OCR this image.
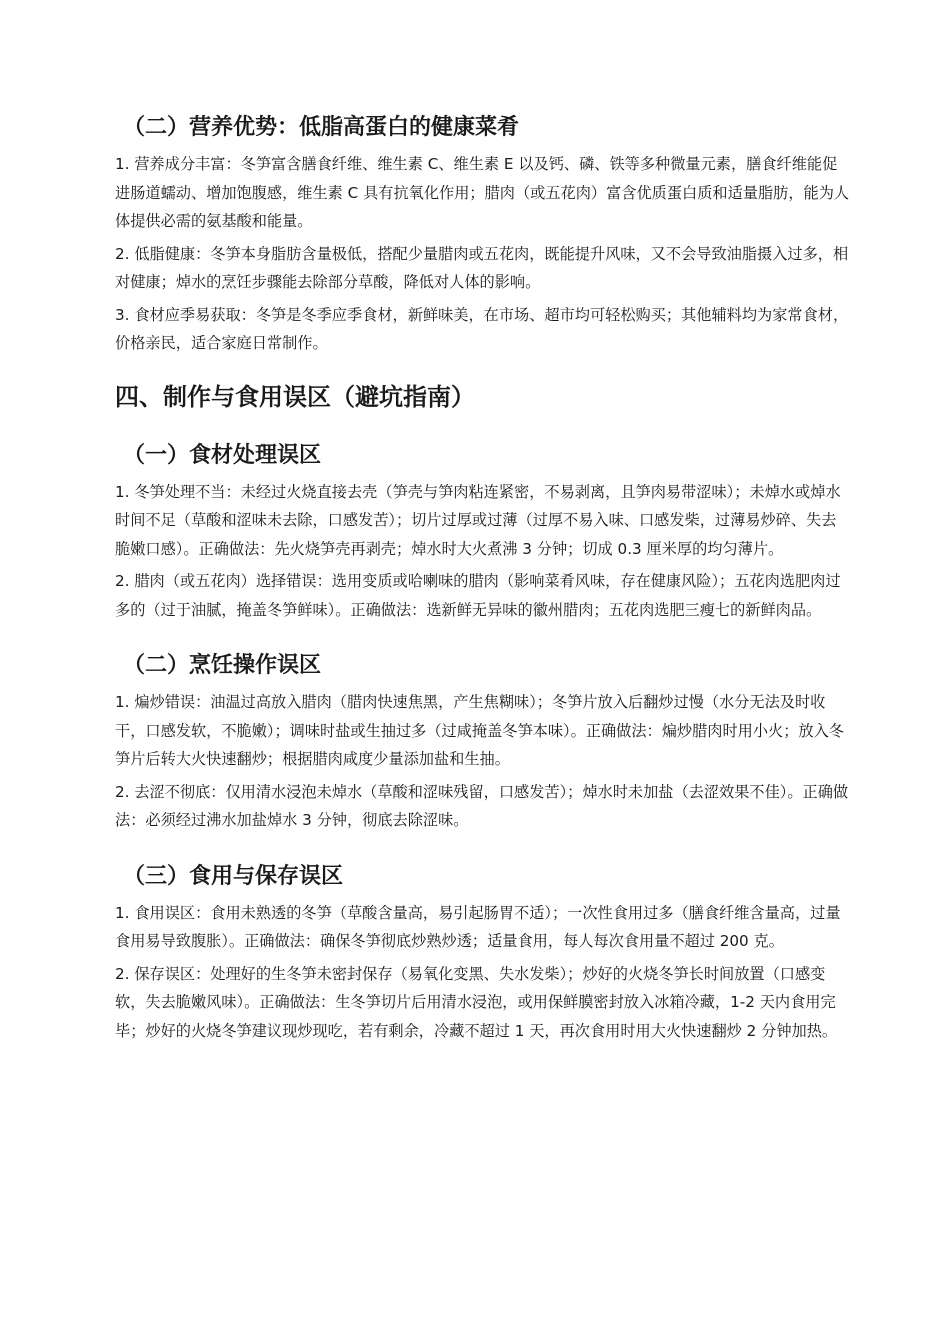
（二）营养优势：低脂高蛋白的健康菜肴

1. 营养成分丰富：冬笋富含膳食纤维、维生素 C、维生素 E 以及钙、磷、铁等多种微量元素，膳食纤维能促进肠道蠕动、增加饱腹感，维生素 C 具有抗氧化作用；腊肉（或五花肉）富含优质蛋白质和适量脂肪，能为人体提供必需的氨基酸和能量。

2. 低脂健康：冬笋本身脂肪含量极低，搭配少量腊肉或五花肉，既能提升风味，又不会导致油脂摄入过多，相对健康；焯水的烹饪步骤能去除部分草酸，降低对人体的影响。

3. 食材应季易获取：冬笋是冬季应季食材，新鲜味美，在市场、超市均可轻松购买；其他辅料均为家常食材，价格亲民，适合家庭日常制作。

四、制作与食用误区（避坑指南）
（一）食材处理误区

1. 冬笋处理不当：未经过火烧直接去壳（笋壳与笋肉粘连紧密，不易剥离，且笋肉易带涩味）；未焯水或焯水时间不足（草酸和涩味未去除，口感发苦）；切片过厚或过薄（过厚不易入味、口感发柴，过薄易炒碎、失去脆嫩口感）。正确做法：先火烧笋壳再剥壳；焯水时大火煮沸 3 分钟；切成 0.3 厘米厚的均匀薄片。

2. 腊肉（或五花肉）选择错误：选用变质或哈喇味的腊肉（影响菜肴风味，存在健康风险）；五花肉选肥肉过多的（过于油腻，掩盖冬笋鲜味）。正确做法：选新鲜无异味的徽州腊肉；五花肉选肥三瘦七的新鲜肉品。

（二）烹饪操作误区

1. 煸炒错误：油温过高放入腊肉（腊肉快速焦黑，产生焦糊味）；冬笋片放入后翻炒过慢（水分无法及时收干，口感发软，不脆嫩）；调味时盐或生抽过多（过咸掩盖冬笋本味）。正确做法：煸炒腊肉时用小火；放入冬笋片后转大火快速翻炒；根据腊肉咸度少量添加盐和生抽。

2. 去涩不彻底：仅用清水浸泡未焯水（草酸和涩味残留，口感发苦）；焯水时未加盐（去涩效果不佳）。正确做法：必须经过沸水加盐焯水 3 分钟，彻底去除涩味。

（三）食用与保存误区

1. 食用误区：食用未熟透的冬笋（草酸含量高，易引起肠胃不适）；一次性食用过多（膳食纤维含量高，过量食用易导致腹胀）。正确做法：确保冬笋彻底炒熟炒透；适量食用，每人每次食用量不超过 200 克。

2. 保存误区：处理好的生冬笋未密封保存（易氧化变黑、失水发柴）；炒好的火烧冬笋长时间放置（口感变软，失去脆嫩风味）。正确做法：生冬笋切片后用清水浸泡，或用保鲜膜密封放入冰箱冷藏，1-2 天内食用完毕；炒好的火烧冬笋建议现炒现吃，若有剩余，冷藏不超过 1 天，再次食用时用大火快速翻炒 2 分钟加热。
